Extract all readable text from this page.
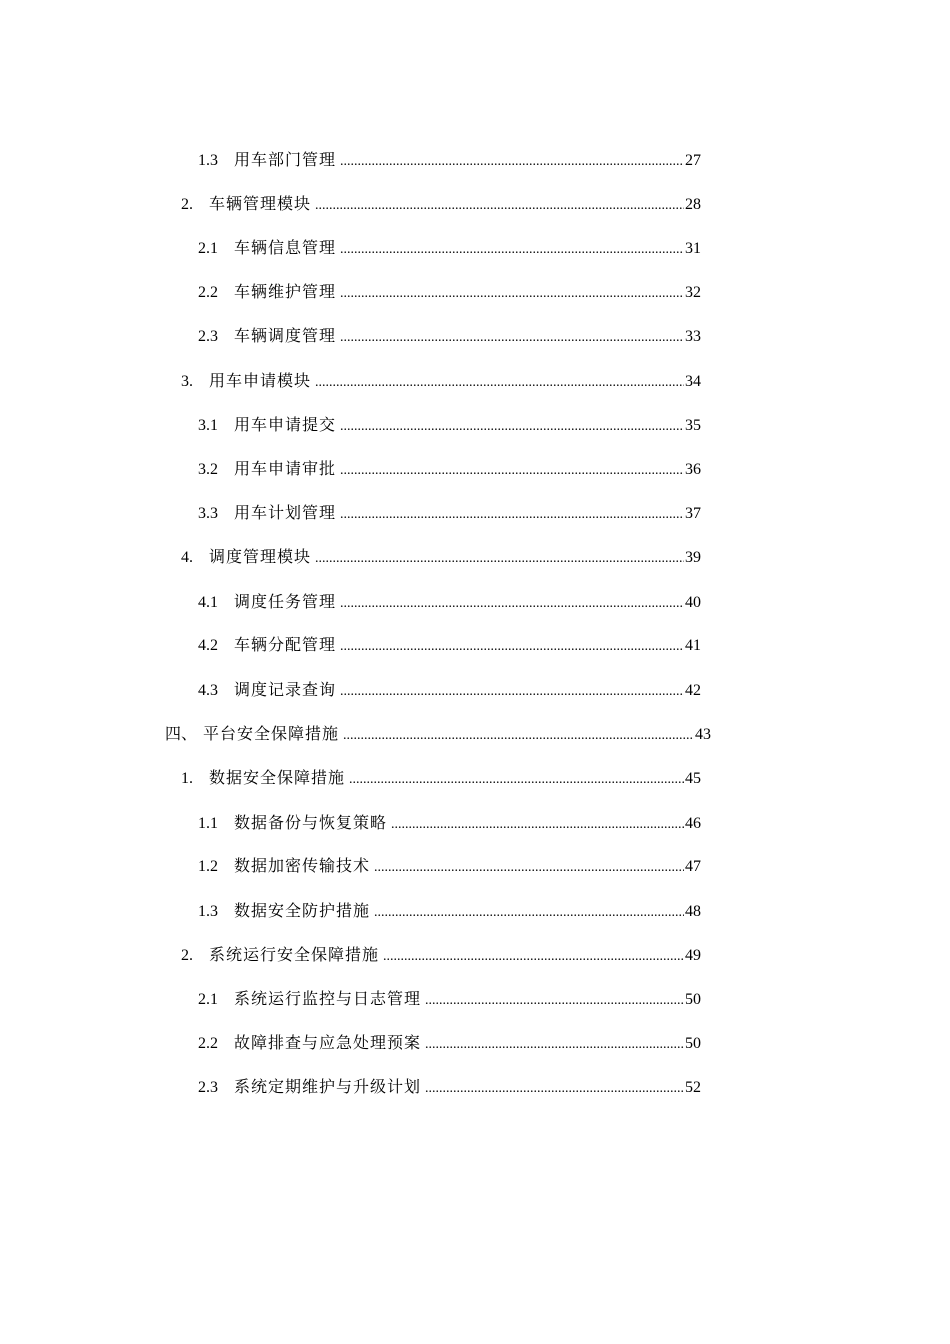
1.3	用车部门管理 .....	27
2.	车辆管理模块 .....	28
2.1	车辆信息管理 .....	31
2.2	车辆维护管理 .....	32
2.3	车辆调度管理 .....	33
3.	用车申请模块 .....	34
3.1	用车申请提交 .....	35
3.2	用车申请审批 .....	36
3.3	用车计划管理 .....	37
4.	调度管理模块 .....	39
4.1	调度任务管理 .....	40
4.2	车辆分配管理 .....	41
4.3	调度记录查询 .....	42
四、 平台安全保障措施 .....	43
1.	数据安全保障措施 .....	45
1.1	数据备份与恢复策略 .....	46
1.2	数据加密传输技术 .....	47
1.3	数据安全防护措施 .....	48
2.	系统运行安全保障措施 .....	49
2.1	系统运行监控与日志管理 .....	50
2.2	故障排查与应急处理预案 .....	50
2.3	系统定期维护与升级计划 .....	52
